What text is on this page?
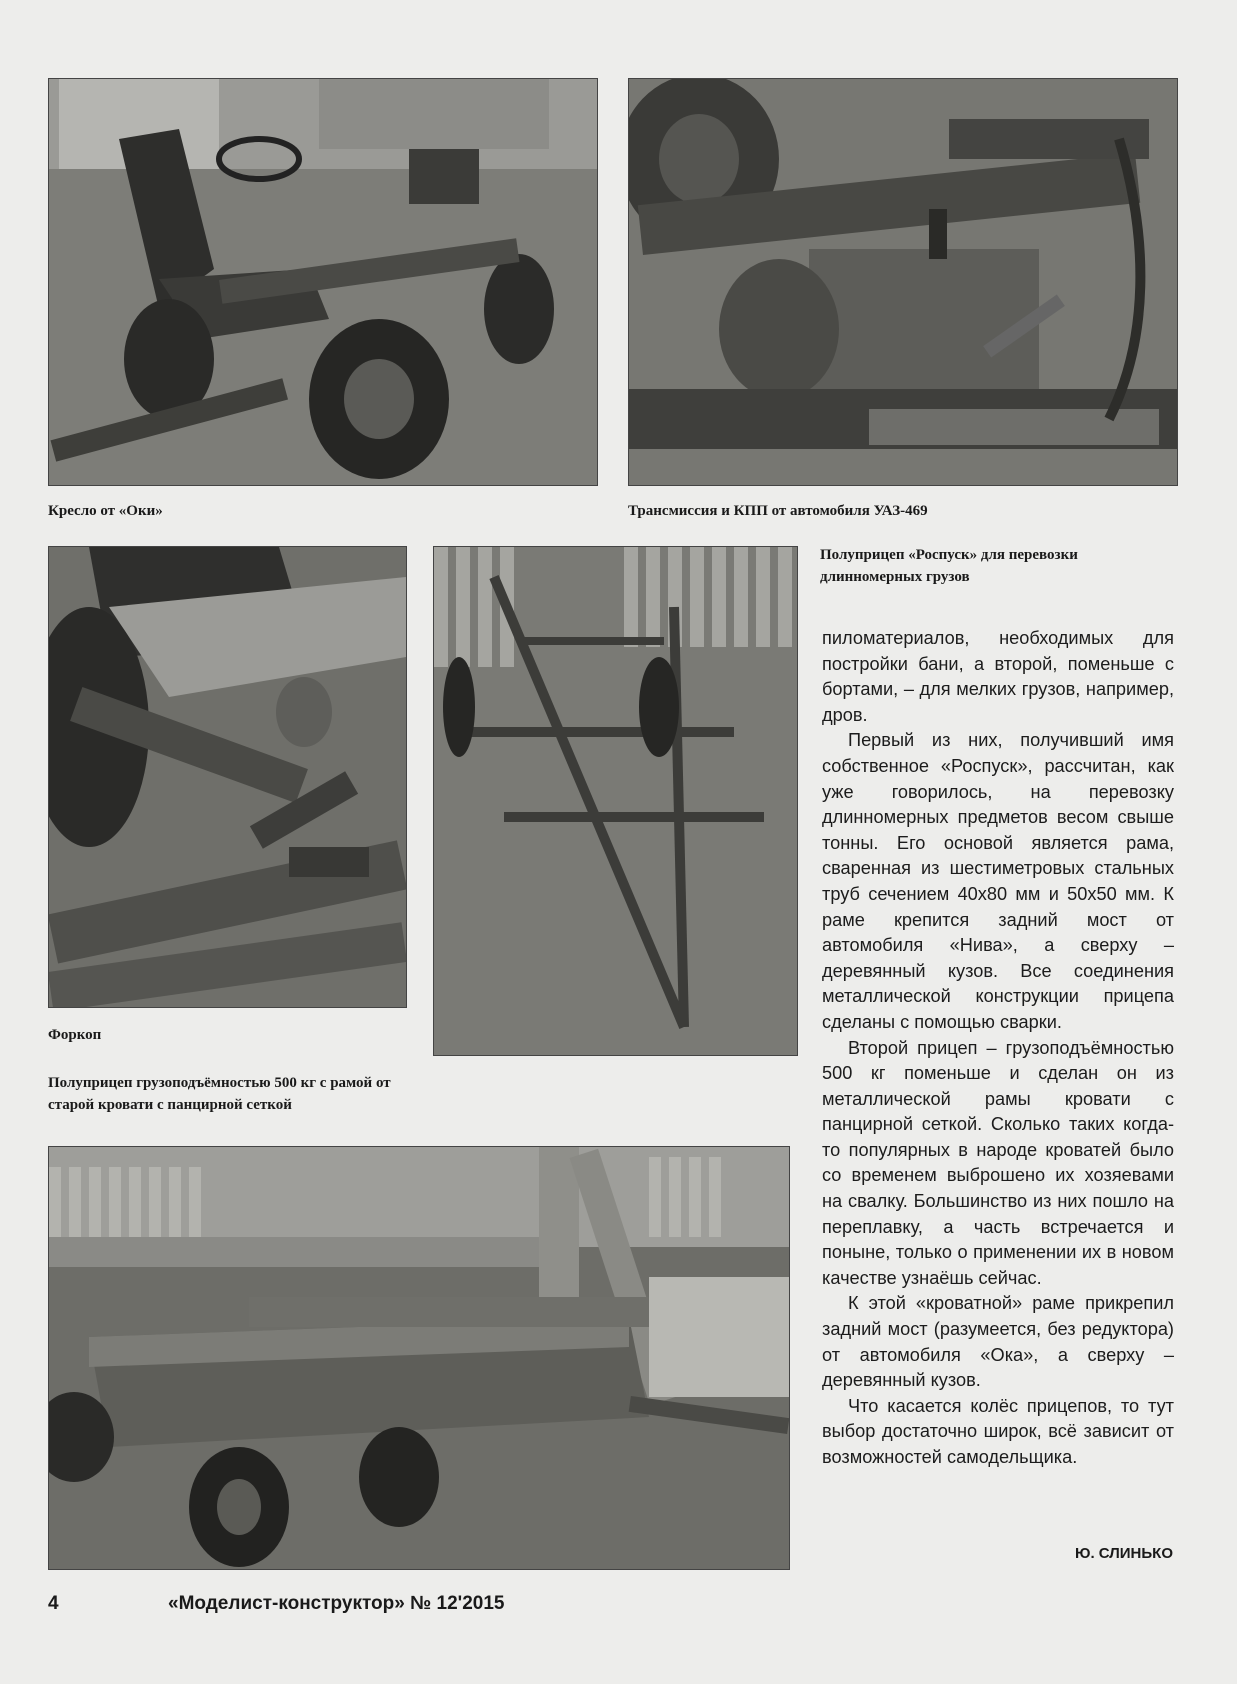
Кресло от «Оки»	Трансмиссия и КПП от автомобиля УАЗ-469
Форкоп
Полуприцеп грузоподъёмностью 500 кг с рамой от старой кровати с панцирной сеткой
Полуприцеп «Роспуск» для перевозки длинномерных грузов

пиломатериалов, необходимых для постройки бани, а второй, поменьше с бортами, – для мелких грузов, например, дров.

Первый из них, получивший имя собственное «Роспуск», рассчитан, как уже говорилось, на перевозку длинномерных предметов весом свыше тонны. Его основой является рама, сваренная из шестиметровых стальных труб сечением 40х80 мм и 50х50 мм. К раме крепится задний мост от автомобиля «Нива», а сверху – деревянный кузов. Все соединения металлической конструкции прицепа сделаны с помощью сварки.

Второй прицеп – грузоподъёмностью 500 кг поменьше и сделан он из металлической рамы кровати с панцирной сеткой. Сколько таких когда-то популярных в народе кроватей было со временем выброшено их хозяевами на свалку. Большинство из них пошло на переплавку, а часть встречается и поныне, только о применении их в новом качестве узнаёшь сейчас.

К этой «кроватной» раме прикрепил задний мост (разумеется, без редуктора) от автомобиля «Ока», а сверху – деревянный кузов.

Что касается колёс прицепов, то тут выбор достаточно широк, всё зависит от возможностей самодельщика.

Ю. СЛИНЬКО
4	«Моделист-конструктор» № 12'2015
